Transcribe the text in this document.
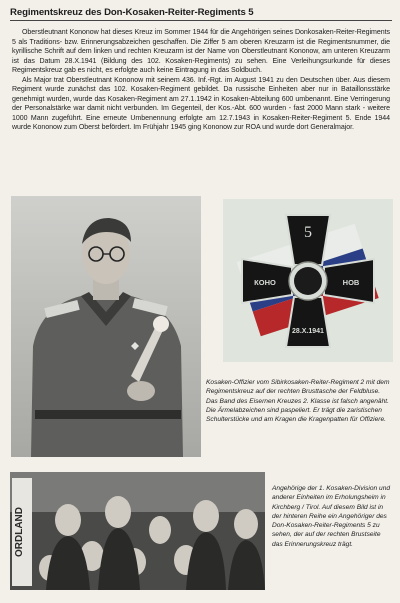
Regimentskreuz des Don-Kosaken-Reiter-Regiments 5

Oberstleutnant Kononow hat dieses Kreuz im Sommer 1944 für die Angehörigen seines Donkosaken-Reiter-Regiments 5 als Traditions- bzw. Erinnerungsabzeichen geschaffen. Die Ziffer 5 am oberen Kreuzarm ist die Regimentsnummer, die kyrillische Schrift auf dem linken und rechten Kreuzarm ist der Name von Oberstleutnant Kononow, am unteren Kreuzarm ist das Datum 28.X.1941 (Bildung des 102. Kosaken-Regiments) zu sehen. Eine Verleihungsurkunde für dieses Regimentskreuz gab es nicht, es erfolgte auch keine Eintragung in das Soldbuch.

Als Major trat Oberstleutnant Kononow mit seinem 436. Inf.-Rgt. im August 1941 zu den Deutschen über. Aus diesem Regiment wurde zunächst das 102. Kosaken-Regiment gebildet. Da russische Einheiten aber nur in Bataillonsstärke genehmigt wurden, wurde das Kosaken-Regiment am 27.1.1942 in Kosaken-Abteilung 600 umbenannt. Eine Verringerung der Personalstärke war damit nicht verbunden. Im Gegenteil, der Kos.-Abt. 600 wurden - fast 2000 Mann stark - weitere 1000 Mann zugeführt. Eine erneute Umbenennung erfolgte am 12.7.1943 in Kosaken-Reiter-Regiment 5. Ende 1944 wurde Kononow zum Oberst befördert. Im Frühjahr 1945 ging Kononow zur ROA und wurde dort Generalmajor.

5
КОНО	НОВ
28.X.1941
Kosaken-Offizier vom Sibirkosaken-Reiter-Regiment 2 mit dem Regimentskreuz auf der rechten Brusttasche der Feldbluse. Das Band des Eisernen Kreuzes 2. Klasse ist falsch angenäht. Die Ärmelabzeichen sind paspeliert. Er trägt die zaristischen Schulterstücke und am Kragen die Kragenpatten für Offiziere.
ORDLAND
Angehörige der 1. Kosaken-Division und anderer Einheiten im Erholungsheim in Kirchberg / Tirol. Auf diesem Bild ist in der hinteren Reihe ein Angehöriger des Don-Kosaken-Reiter-Regiments 5 zu sehen, der auf der rechten Brustseite das Erinnerungskreuz trägt.
